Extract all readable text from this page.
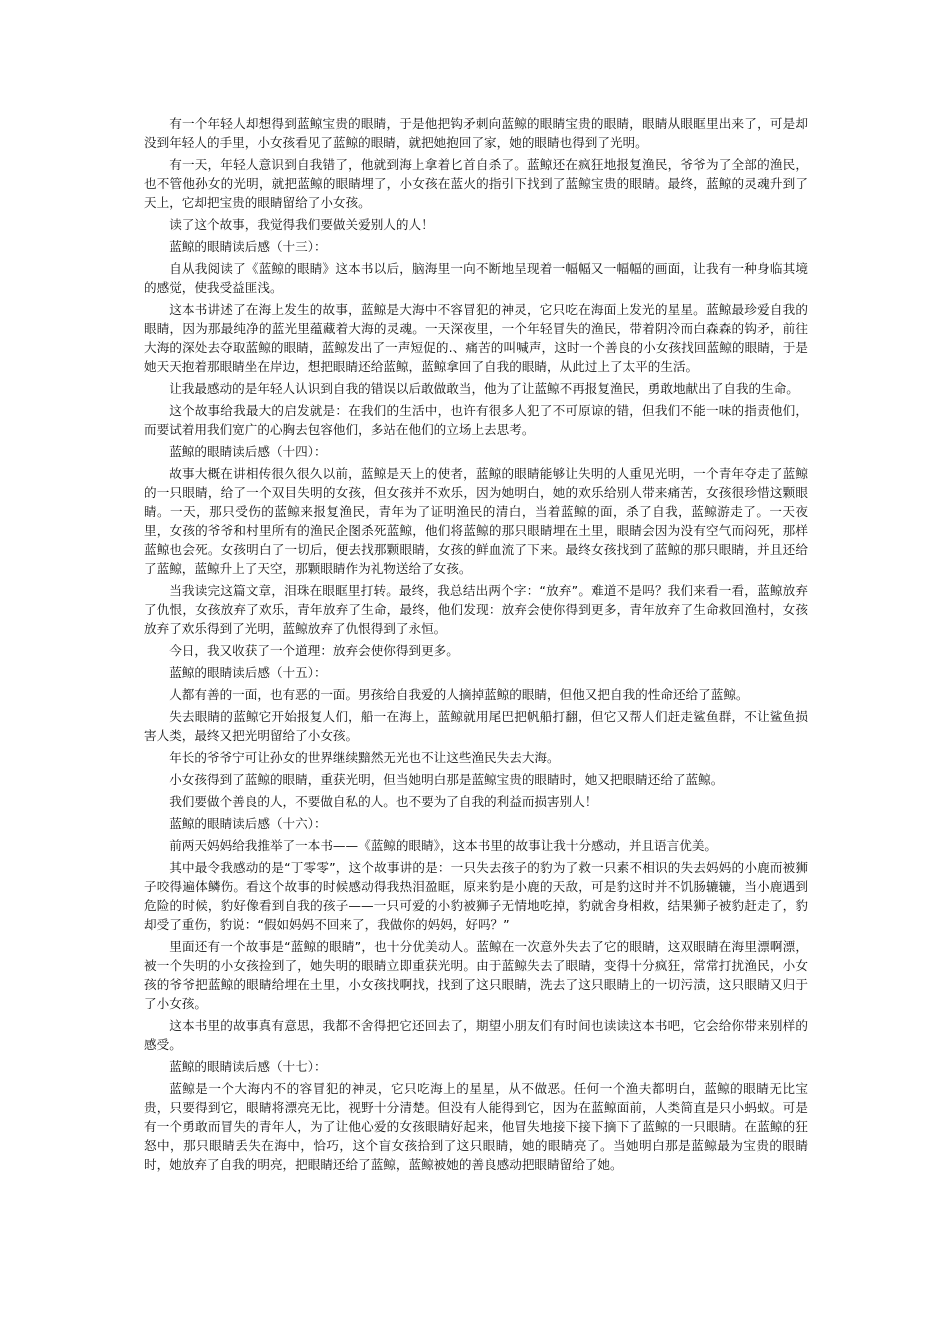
有一个年轻人却想得到蓝鲸宝贵的眼睛，于是他把钩矛刺向蓝鲸的眼睛宝贵的眼睛，眼睛从眼眶里出来了，可是却没到年轻人的手里，小女孩看见了蓝鲸的眼睛，就把她抱回了家，她的眼睛也得到了光明。

有一天，年轻人意识到自我错了，他就到海上拿着匕首自杀了。蓝鲸还在疯狂地报复渔民，爷爷为了全部的渔民，也不管他孙女的光明，就把蓝鲸的眼睛埋了，小女孩在蓝火的指引下找到了蓝鲸宝贵的眼睛。最终，蓝鲸的灵魂升到了天上，它却把宝贵的眼睛留给了小女孩。

读了这个故事，我觉得我们要做关爱别人的人！

蓝鲸的眼睛读后感（十三）：

自从我阅读了《蓝鲸的眼睛》这本书以后，脑海里一向不断地呈现着一幅幅又一幅幅的画面，让我有一种身临其境的感觉，使我受益匪浅。

这本书讲述了在海上发生的故事，蓝鲸是大海中不容冒犯的神灵，它只吃在海面上发光的星星。蓝鲸最珍爱自我的眼睛，因为那最纯净的蓝光里蕴藏着大海的灵魂。一天深夜里，一个年轻冒失的渔民，带着阴冷而白森森的钩矛，前往大海的深处去夺取蓝鲸的眼睛，蓝鲸发出了一声短促的.、痛苦的叫喊声，这时一个善良的小女孩找回蓝鲸的眼睛，于是她天天抱着那眼睛坐在岸边，想把眼睛还给蓝鲸，蓝鲸拿回了自我的眼睛，从此过上了太平的生活。

让我最感动的是年轻人认识到自我的错误以后敢做敢当，他为了让蓝鲸不再报复渔民，勇敢地献出了自我的生命。

这个故事给我最大的启发就是：在我们的生活中，也许有很多人犯了不可原谅的错，但我们不能一味的指责他们，而要试着用我们宽广的心胸去包容他们，多站在他们的立场上去思考。

蓝鲸的眼睛读后感（十四）：

故事大概在讲相传很久很久以前，蓝鲸是天上的使者，蓝鲸的眼睛能够让失明的人重见光明，一个青年夺走了蓝鲸的一只眼睛，给了一个双目失明的女孩，但女孩并不欢乐，因为她明白，她的欢乐给别人带来痛苦，女孩很珍惜这颗眼睛。一天，那只受伤的蓝鲸来报复渔民，青年为了证明渔民的清白，当着蓝鲸的面，杀了自我，蓝鲸游走了。一天夜里，女孩的爷爷和村里所有的渔民企图杀死蓝鲸，他们将蓝鲸的那只眼睛埋在土里，眼睛会因为没有空气而闷死，那样蓝鲸也会死。女孩明白了一切后，便去找那颗眼睛，女孩的鲜血流了下来。最终女孩找到了蓝鲸的那只眼睛，并且还给了蓝鲸，蓝鲸升上了天空，那颗眼睛作为礼物送给了女孩。

当我读完这篇文章，泪珠在眼眶里打转。最终，我总结出两个字：“放弃”。难道不是吗？我们来看一看，蓝鲸放弃了仇恨，女孩放弃了欢乐，青年放弃了生命，最终，他们发现：放弃会使你得到更多，青年放弃了生命救回渔村，女孩放弃了欢乐得到了光明，蓝鲸放弃了仇恨得到了永恒。

今日，我又收获了一个道理：放弃会使你得到更多。

蓝鲸的眼睛读后感（十五）：

人都有善的一面，也有恶的一面。男孩给自我爱的人摘掉蓝鲸的眼睛，但他又把自我的性命还给了蓝鲸。

失去眼睛的蓝鲸它开始报复人们，船一在海上，蓝鲸就用尾巴把帆船打翻，但它又帮人们赶走鲨鱼群，不让鲨鱼损害人类，最终又把光明留给了小女孩。

年长的爷爷宁可让孙女的世界继续黯然无光也不让这些渔民失去大海。

小女孩得到了蓝鲸的眼睛，重获光明，但当她明白那是蓝鲸宝贵的眼睛时，她又把眼睛还给了蓝鲸。

我们要做个善良的人，不要做自私的人。也不要为了自我的利益而损害别人！

蓝鲸的眼睛读后感（十六）：

前两天妈妈给我推举了一本书——《蓝鲸的眼睛》，这本书里的故事让我十分感动，并且语言优美。

其中最令我感动的是“丁零零”，这个故事讲的是：一只失去孩子的豹为了救一只素不相识的失去妈妈的小鹿而被狮子咬得遍体鳞伤。看这个故事的时候感动得我热泪盈眶，原来豹是小鹿的天敌，可是豹这时并不饥肠辘辘，当小鹿遇到危险的时候，豹好像看到自我的孩子——一只可爱的小豹被狮子无情地吃掉，豹就舍身相救，结果狮子被豹赶走了，豹却受了重伤，豹说：“假如妈妈不回来了，我做你的妈妈，好吗？”

里面还有一个故事是“蓝鲸的眼睛”，也十分优美动人。蓝鲸在一次意外失去了它的眼睛，这双眼睛在海里漂啊漂，被一个失明的小女孩捡到了，她失明的眼睛立即重获光明。由于蓝鲸失去了眼睛，变得十分疯狂，常常打扰渔民，小女孩的爷爷把蓝鲸的眼睛给埋在土里，小女孩找啊找，找到了这只眼睛，洗去了这只眼睛上的一切污渍，这只眼睛又归于了小女孩。

这本书里的故事真有意思，我都不舍得把它还回去了，期望小朋友们有时间也读读这本书吧，它会给你带来别样的感受。

蓝鲸的眼睛读后感（十七）：

蓝鲸是一个大海内不的容冒犯的神灵，它只吃海上的星星，从不做恶。任何一个渔夫都明白，蓝鲸的眼睛无比宝贵，只要得到它，眼睛将漂亮无比，视野十分清楚。但没有人能得到它，因为在蓝鲸面前，人类简直是只小蚂蚁。可是有一个勇敢而冒失的青年人，为了让他心爱的女孩眼睛好起来，他冒失地接下接下摘下了蓝鲸的一只眼睛。在蓝鲸的狂怒中，那只眼睛丢失在海中，恰巧，这个盲女孩拾到了这只眼睛，她的眼睛亮了。当她明白那是蓝鲸最为宝贵的眼睛时，她放弃了自我的明亮，把眼睛还给了蓝鲸，蓝鲸被她的善良感动把眼睛留给了她。
